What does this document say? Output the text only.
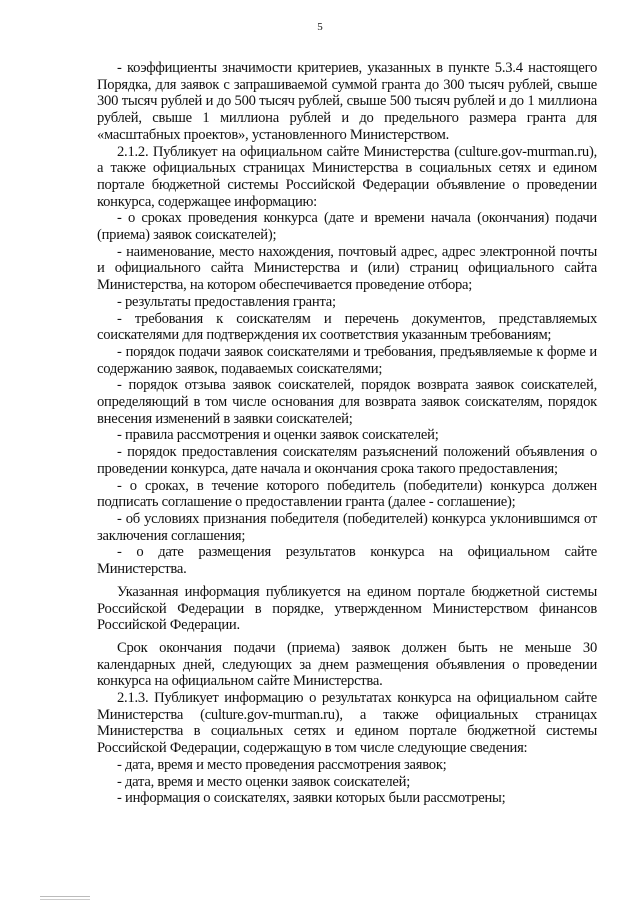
5

- коэффициенты значимости критериев, указанных в пункте 5.3.4 настоящего Порядка, для заявок с запрашиваемой суммой гранта до 300 тысяч рублей, свыше 300 тысяч рублей и до 500 тысяч рублей, свыше 500 тысяч рублей и до 1 миллиона рублей, свыше 1 миллиона рублей и до предельного размера гранта для «масштабных проектов», установленного Министерством.

2.1.2. Публикует на официальном сайте Министерства (culture.gov-murman.ru), а также официальных страницах Министерства в социальных сетях и едином портале бюджетной системы Российской Федерации объявление о проведении конкурса, содержащее информацию:

- о сроках проведения конкурса (дате и времени начала (окончания) подачи (приема) заявок соискателей);

- наименование, место нахождения, почтовый адрес, адрес электронной почты и официального сайта Министерства и (или) страниц официального сайта Министерства, на котором обеспечивается проведение отбора;

- результаты предоставления гранта;

- требования к соискателям и перечень документов, представляемых соискателями для подтверждения их соответствия указанным требованиям;

- порядок подачи заявок соискателями и требования, предъявляемые к форме и содержанию заявок, подаваемых соискателями;

- порядок отзыва заявок соискателей, порядок возврата заявок соискателей, определяющий в том числе основания для возврата заявок соискателям, порядок внесения изменений в заявки соискателей;

- правила рассмотрения и оценки заявок соискателей;

- порядок предоставления соискателям разъяснений положений объявления о проведении конкурса, дате начала и окончания срока такого предоставления;

- о сроках, в течение которого победитель (победители) конкурса должен подписать соглашение о предоставлении гранта (далее - соглашение);

- об условиях признания победителя (победителей) конкурса уклонившимся от заключения соглашения;

- о дате размещения результатов конкурса на официальном сайте Министерства.

Указанная информация публикуется на едином портале бюджетной системы Российской Федерации в порядке, утвержденном Министерством финансов Российской Федерации.

Срок окончания подачи (приема) заявок должен быть не меньше 30 календарных дней, следующих за днем размещения объявления о проведении конкурса на официальном сайте Министерства.

2.1.3. Публикует информацию о результатах конкурса на официальном сайте Министерства (culture.gov-murman.ru), а также официальных страницах Министерства в социальных сетях и едином портале бюджетной системы Российской Федерации, содержащую в том числе следующие сведения:

- дата, время и место проведения рассмотрения заявок;

- дата, время и место оценки заявок соискателей;

- информация о соискателях, заявки которых были рассмотрены;
